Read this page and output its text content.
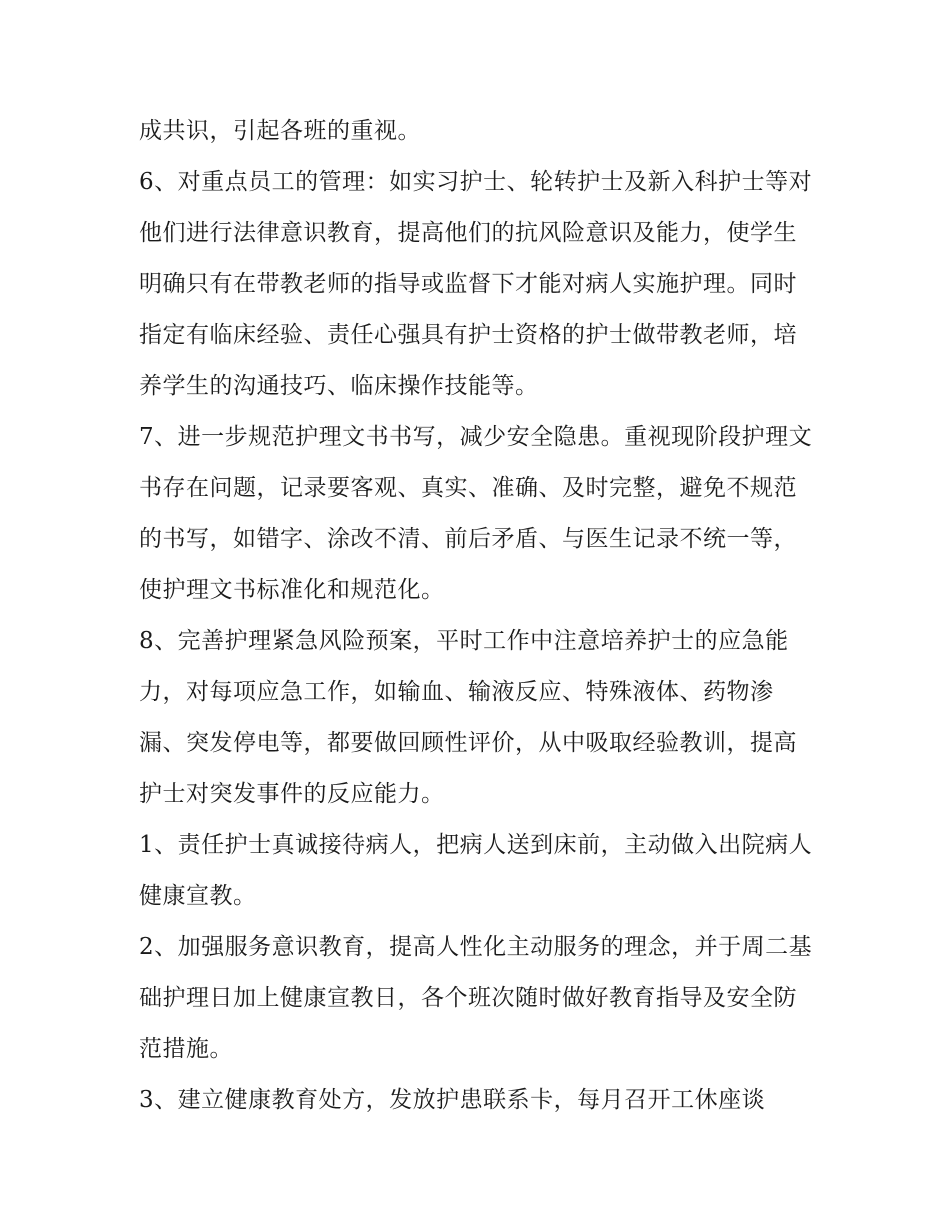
成共识，引起各班的重视。

6、对重点员工的管理：如实习护士、轮转护士及新入科护士等对他们进行法律意识教育，提高他们的抗风险意识及能力，使学生明确只有在带教老师的指导或监督下才能对病人实施护理。同时指定有临床经验、责任心强具有护士资格的护士做带教老师，培养学生的沟通技巧、临床操作技能等。

7、进一步规范护理文书书写，减少安全隐患。重视现阶段护理文书存在问题，记录要客观、真实、准确、及时完整，避免不规范的书写，如错字、涂改不清、前后矛盾、与医生记录不统一等，使护理文书标准化和规范化。

8、完善护理紧急风险预案，平时工作中注意培养护士的应急能力，对每项应急工作，如输血、输液反应、特殊液体、药物渗漏、突发停电等，都要做回顾性评价，从中吸取经验教训，提高护士对突发事件的反应能力。

1、责任护士真诚接待病人，把病人送到床前，主动做入出院病人健康宣教。

2、加强服务意识教育，提高人性化主动服务的理念，并于周二基础护理日加上健康宣教日，各个班次随时做好教育指导及安全防范措施。

3、建立健康教育处方，发放护患联系卡，每月召开工休座谈
